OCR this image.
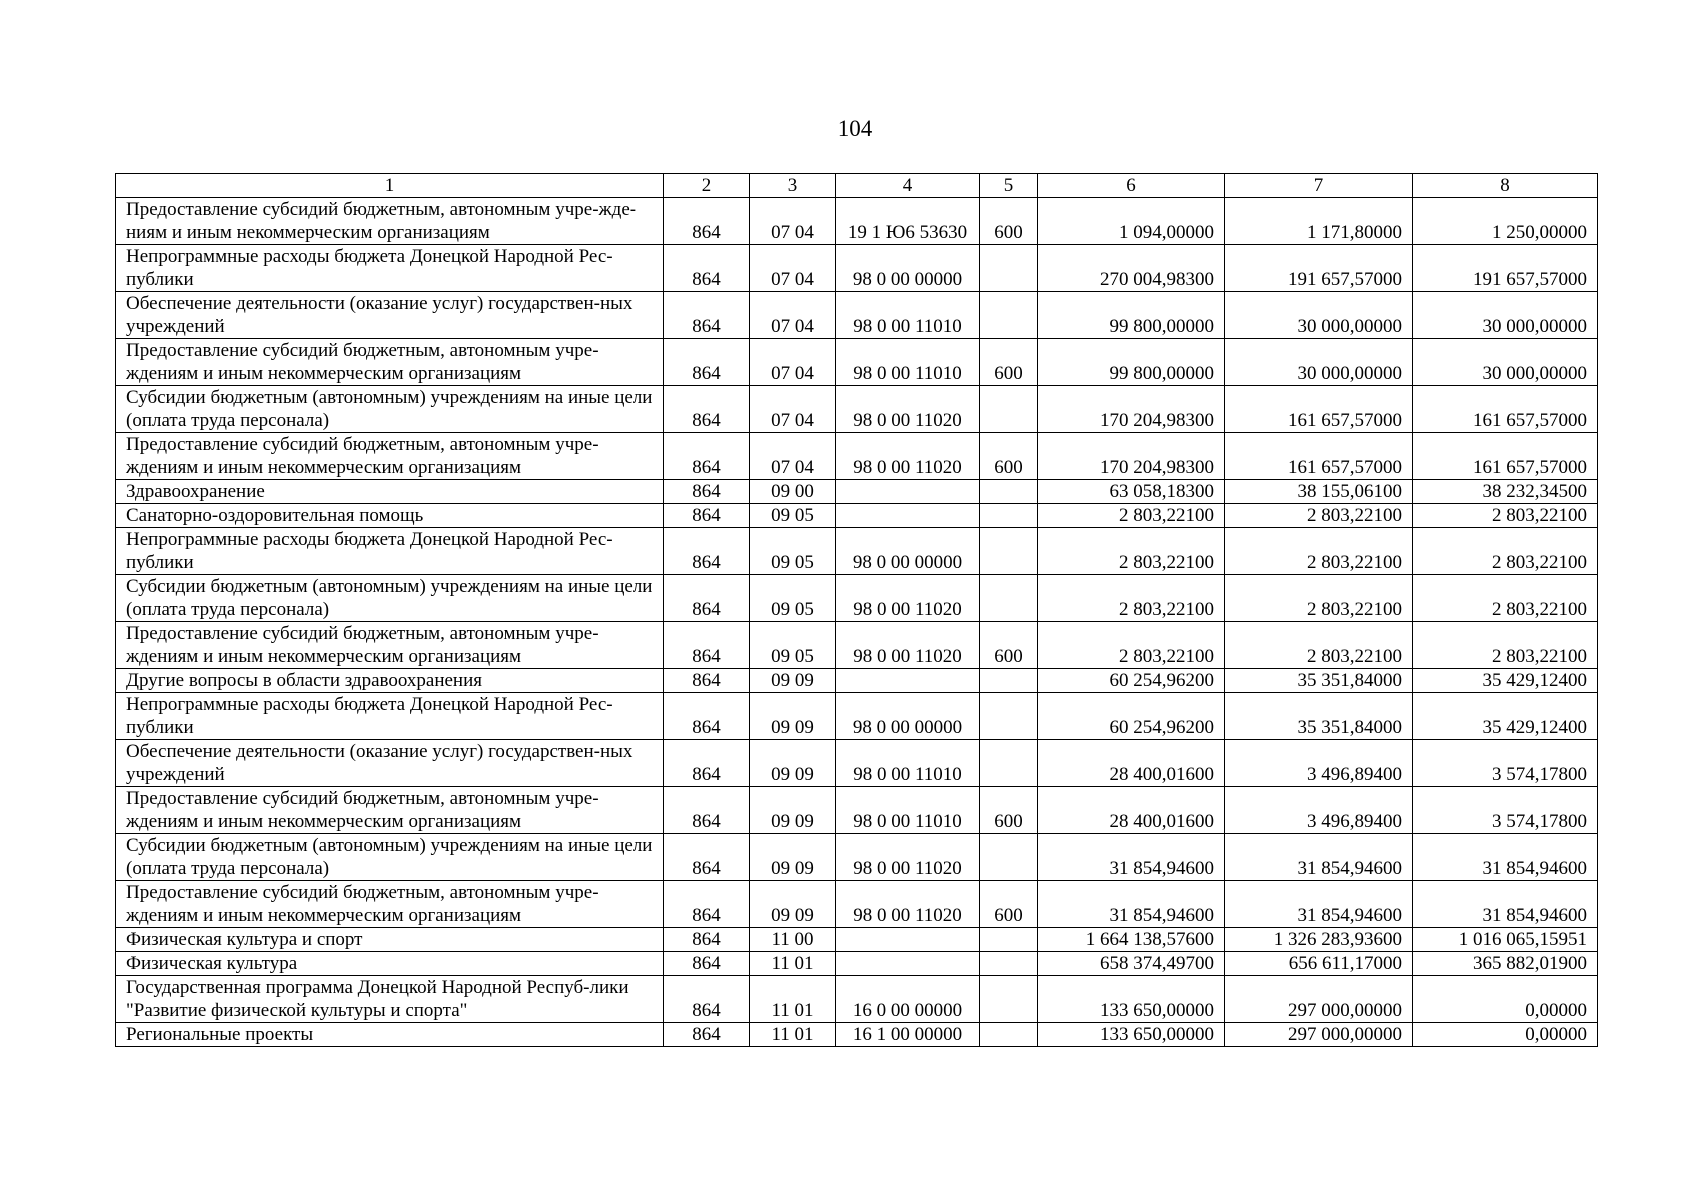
104
1	2	3	4	5	6	7	8
Предоставление субсидий бюджетным, автономным учре-ждениям и иным некоммерческим организациям	864	07 04	19 1 Ю6 53630	600	1 094,00000	1 171,80000	1 250,00000
Непрограммные расходы бюджета Донецкой Народной Рес-публики	864	07 04	98 0 00 00000		270 004,98300	191 657,57000	191 657,57000
Обеспечение деятельности (оказание услуг) государствен-ных учреждений	864	07 04	98 0 00 11010		99 800,00000	30 000,00000	30 000,00000
Предоставление субсидий бюджетным, автономным учре-ждениям и иным некоммерческим организациям	864	07 04	98 0 00 11010	600	99 800,00000	30 000,00000	30 000,00000
Субсидии бюджетным (автономным) учреждениям на иные цели (оплата труда персонала)	864	07 04	98 0 00 11020		170 204,98300	161 657,57000	161 657,57000
Предоставление субсидий бюджетным, автономным учре-ждениям и иным некоммерческим организациям	864	07 04	98 0 00 11020	600	170 204,98300	161 657,57000	161 657,57000
Здравоохранение	864	09 00			63 058,18300	38 155,06100	38 232,34500
Санаторно-оздоровительная помощь	864	09 05			2 803,22100	2 803,22100	2 803,22100
Непрограммные расходы бюджета Донецкой Народной Рес-публики	864	09 05	98 0 00 00000		2 803,22100	2 803,22100	2 803,22100
Субсидии бюджетным (автономным) учреждениям на иные цели (оплата труда персонала)	864	09 05	98 0 00 11020		2 803,22100	2 803,22100	2 803,22100
Предоставление субсидий бюджетным, автономным учре-ждениям и иным некоммерческим организациям	864	09 05	98 0 00 11020	600	2 803,22100	2 803,22100	2 803,22100
Другие вопросы в области здравоохранения	864	09 09			60 254,96200	35 351,84000	35 429,12400
Непрограммные расходы бюджета Донецкой Народной Рес-публики	864	09 09	98 0 00 00000		60 254,96200	35 351,84000	35 429,12400
Обеспечение деятельности (оказание услуг) государствен-ных учреждений	864	09 09	98 0 00 11010		28 400,01600	3 496,89400	3 574,17800
Предоставление субсидий бюджетным, автономным учре-ждениям и иным некоммерческим организациям	864	09 09	98 0 00 11010	600	28 400,01600	3 496,89400	3 574,17800
Субсидии бюджетным (автономным) учреждениям на иные цели (оплата труда персонала)	864	09 09	98 0 00 11020		31 854,94600	31 854,94600	31 854,94600
Предоставление субсидий бюджетным, автономным учре-ждениям и иным некоммерческим организациям	864	09 09	98 0 00 11020	600	31 854,94600	31 854,94600	31 854,94600
Физическая культура и спорт	864	11 00			1 664 138,57600	1 326 283,93600	1 016 065,15951
Физическая культура	864	11 01			658 374,49700	656 611,17000	365 882,01900
Государственная программа Донецкой Народной Респуб-лики "Развитие физической культуры и спорта"	864	11 01	16 0 00 00000		133 650,00000	297 000,00000	0,00000
Региональные проекты	864	11 01	16 1 00 00000		133 650,00000	297 000,00000	0,00000
